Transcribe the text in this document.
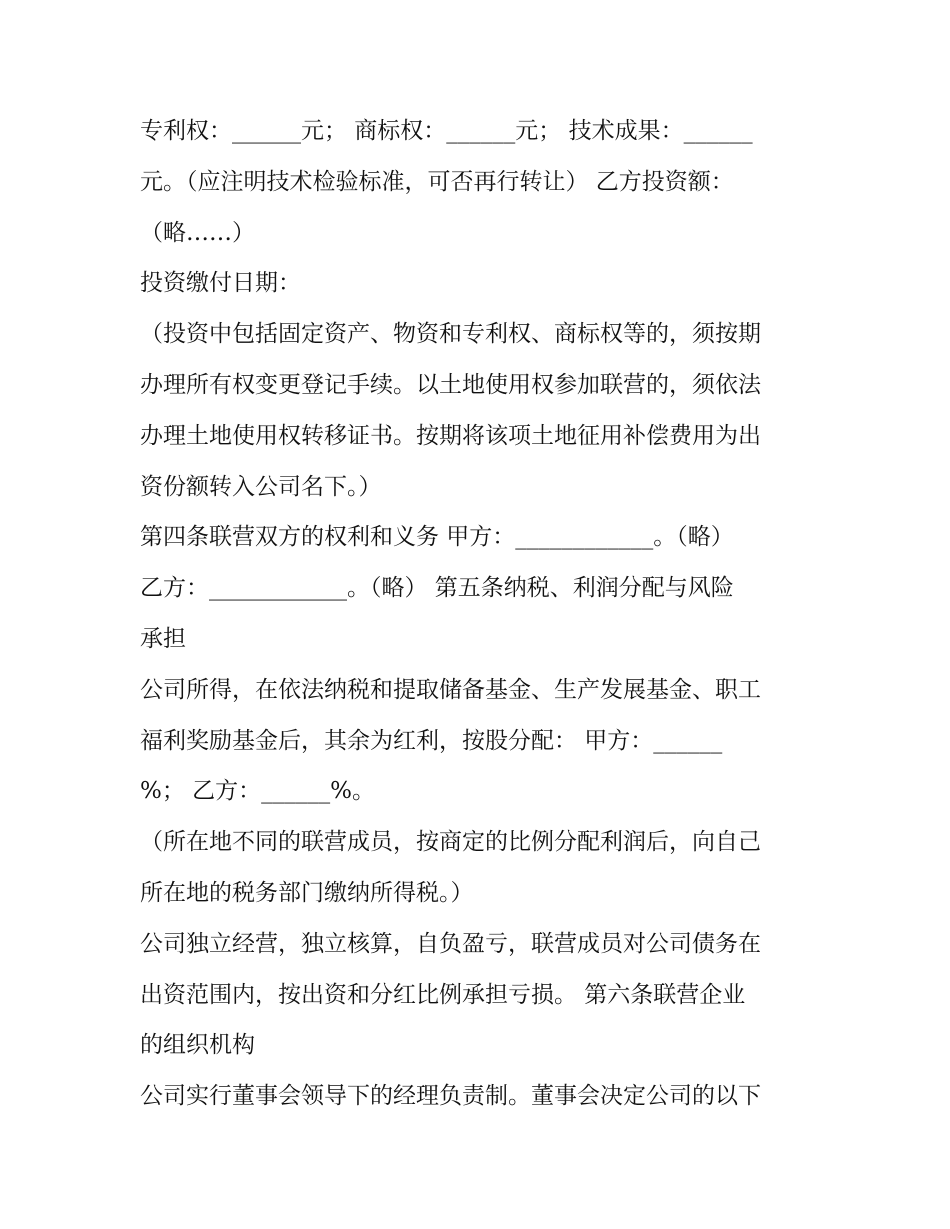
专利权：______元； 商标权：______元； 技术成果：______
元。（应注明技术检验标准，可否再行转让） 乙方投资额：
（略……）
投资缴付日期：
（投资中包括固定资产、物资和专利权、商标权等的，须按期
办理所有权变更登记手续。以土地使用权参加联营的，须依法
办理土地使用权转移证书。按期将该项土地征用补偿费用为出
资份额转入公司名下。）
第四条联营双方的权利和义务 甲方：____________。（略）
乙方：____________。（略） 第五条纳税、利润分配与风险
承担
公司所得，在依法纳税和提取储备基金、生产发展基金、职工
福利奖励基金后，其余为红利，按股分配： 甲方：______
%； 乙方：______%。
（所在地不同的联营成员，按商定的比例分配利润后，向自己
所在地的税务部门缴纳所得税。）
公司独立经营，独立核算，自负盈亏，联营成员对公司债务在
出资范围内，按出资和分红比例承担亏损。 第六条联营企业
的组织机构
公司实行董事会领导下的经理负责制。董事会决定公司的以下
